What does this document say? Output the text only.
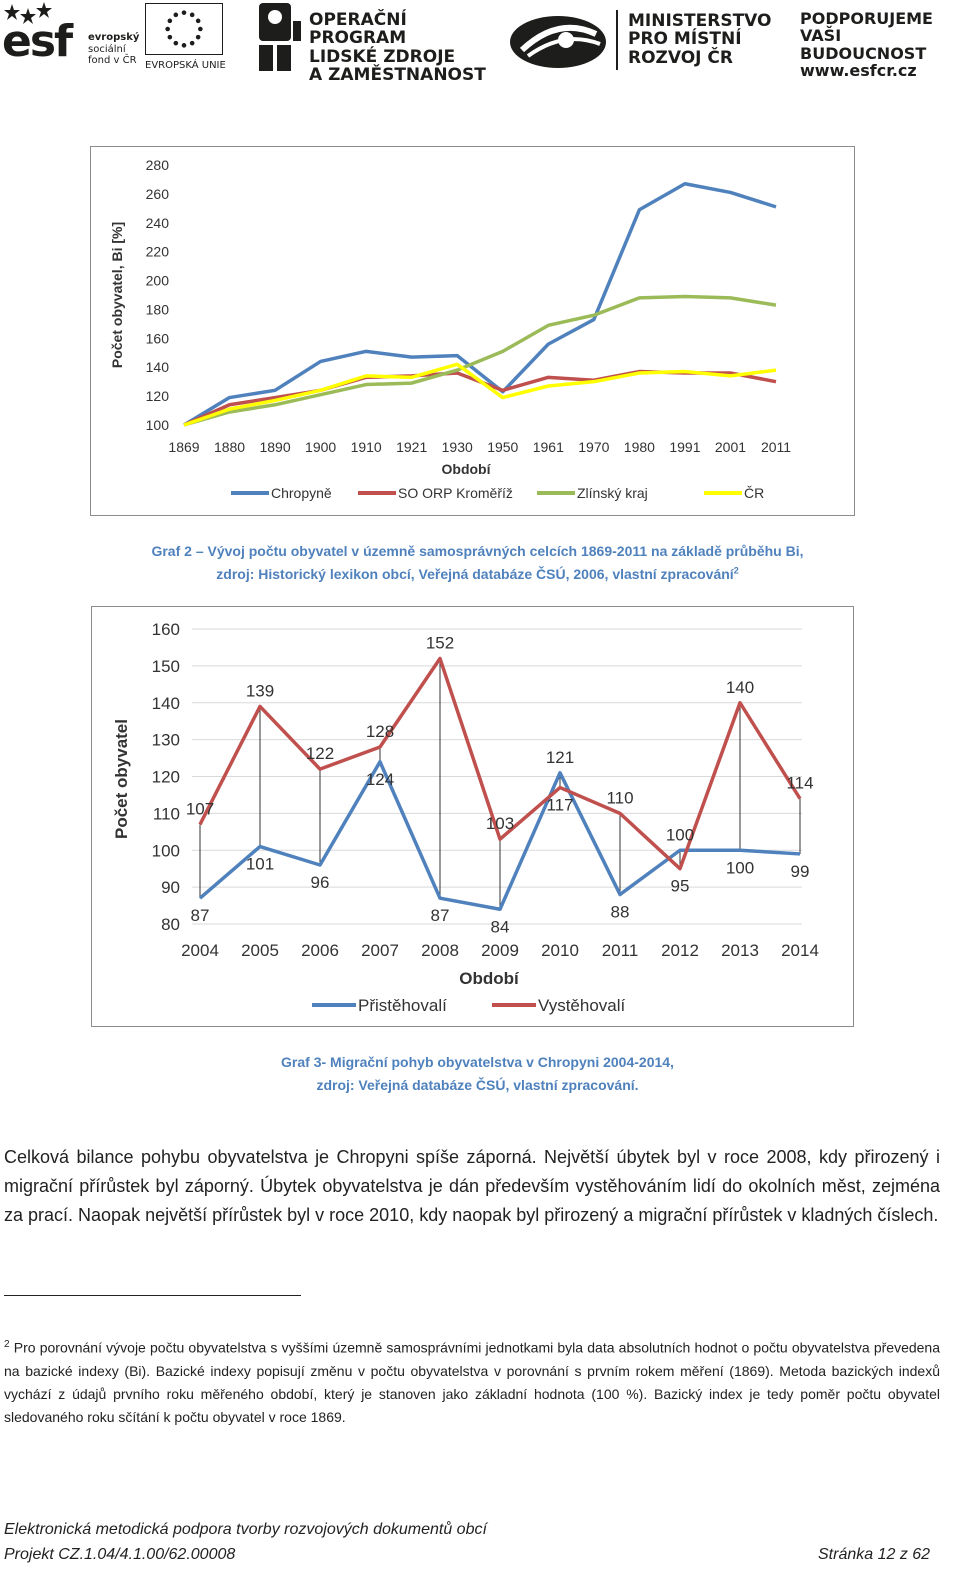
esf evropský
sociální
fond v ČR EVROPSKÁ UNIE
OPERAČNÍ PROGRAM
LIDSKÉ ZDROJE
A ZAMĚSTNANOST
MINISTERSTVO
PRO MÍSTNÍ
ROZVOJ ČR
PODPORUJEME
VAŠI BUDOUCNOST
www.esfcr.cz
100
120
140
160
180
200
220
240
260
280
1869 1880 1890 1900 1910 1921 1930 1950 1961 1970 1980 1991 2001 2011
Období
Počet obyvatel, Bi [%]
Chropyně	SO ORP Kroměříž	Zlínský kraj	ČR
Graf 2 – Vývoj počtu obyvatel v územně samosprávných celcích 1869-2011 na základě průběhu Bi,
zdroj: Historický lexikon obcí, Veřejná databáze ČSÚ, 2006, vlastní zpracování$^2$
80
90
100
110
120
130
140
150
160
2004 2005 2006 2007 2008 2009 2010 2011 2012 2013 2014
Období
Počet obyvatel	107
87
139
101
122
96
128
124
152
87
103
84
121
117 110
88
100
95
140
100
114
99
Přistěhovalí	Vystěhovalí
Graf 3- Migrační pohyb obyvatelstva v Chropyni 2004-2014,
zdroj: Veřejná databáze ČSÚ, vlastní zpracování.
Celková bilance pohybu obyvatelstva je Chropyni spíše záporná. Největší úbytek byl v roce 2008, kdy přirozený i migrační přírůstek byl záporný. Úbytek obyvatelstva je dán především vystěhováním lidí do okolních měst, zejména za prací. Naopak největší přírůstek byl v roce 2010, kdy naopak byl přirozený a migrační přírůstek v kladných číslech.
$^2$ Pro porovnání vývoje počtu obyvatelstva s vyššími územně samosprávními jednotkami byla data absolutních hodnot o počtu obyvatelstva převedena na bazické indexy (Bi). Bazické indexy popisují změnu v počtu obyvatelstva v porovnání s prvním rokem měření (1869). Metoda bazických indexů vychází z údajů prvního roku měřeného období, který je stanoven jako základní hodnota (100 %). Bazický index je tedy poměr počtu obyvatel sledovaného roku sčítání k počtu obyvatel v roce 1869.
Elektronická metodická podpora tvorby rozvojových dokumentů obcí
Projekt CZ.1.04/4.1.00/62.00008	Stránka 12 z 62
